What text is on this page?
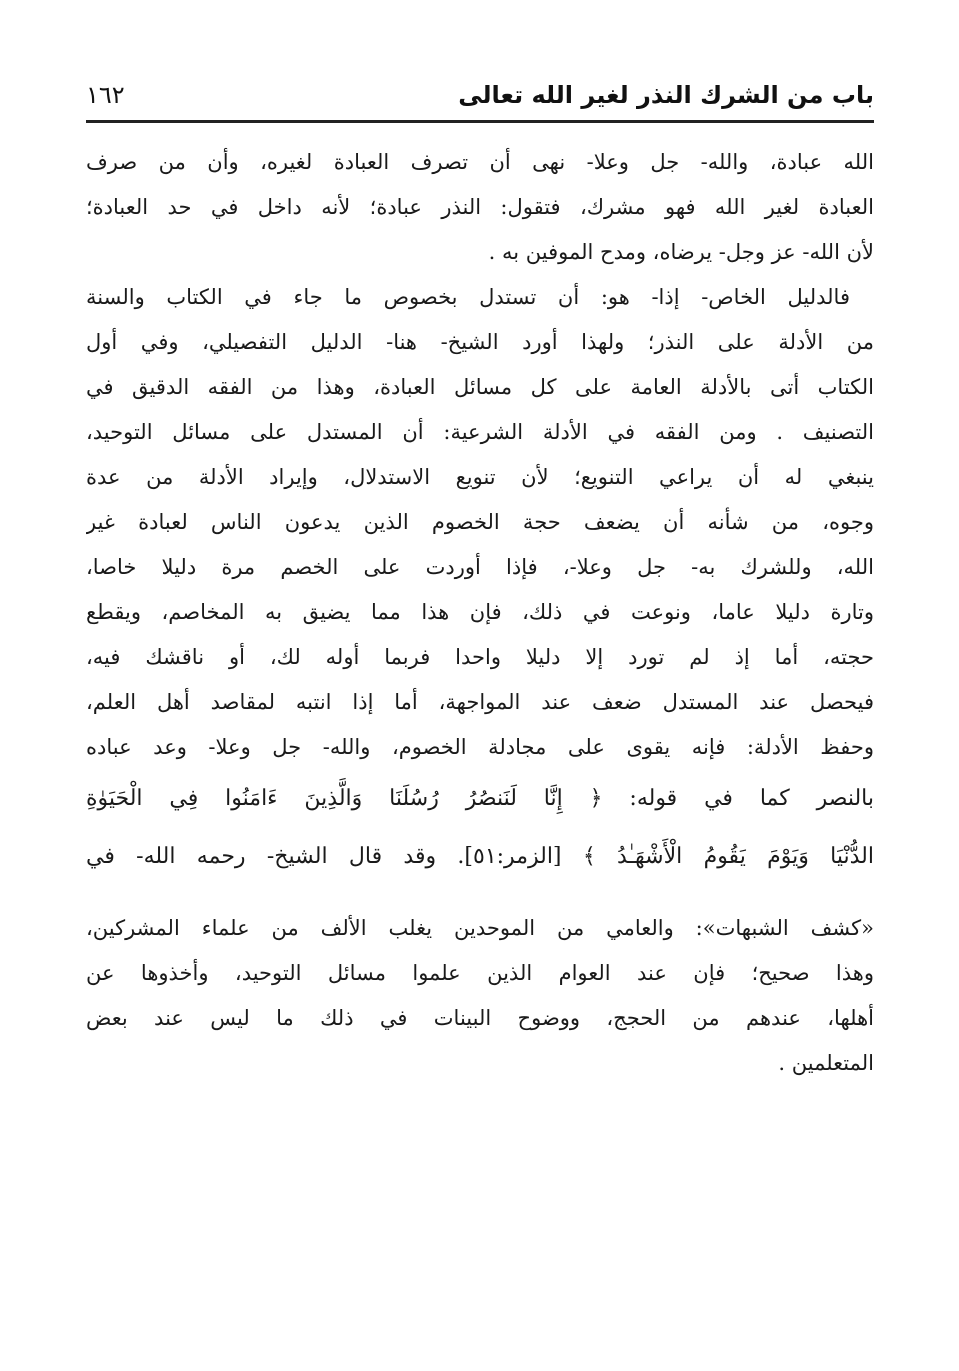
باب من الشرك النذر لغير الله تعالى
١٦٢
الله عبادة، والله- جل وعلا- نهى أن تصرف العبادة لغيره، وأن من صرف
العبادة لغير الله فهو مشرك، فتقول: النذر عبادة؛ لأنه داخل في حد العبادة؛
لأن الله- عز وجل- يرضاه، ومدح الموفين به .
فالدليل الخاص- إذا- هو: أن تستدل بخصوص ما جاء في الكتاب والسنة
من الأدلة على النذر؛ ولهذا أورد الشيخ- هنا- الدليل التفصيلي، وفي أول
الكتاب أتى بالأدلة العامة على كل مسائل العبادة، وهذا من الفقه الدقيق في
التصنيف . ومن الفقه في الأدلة الشرعية: أن المستدل على مسائل التوحيد،
ينبغي له أن يراعي التنويع؛ لأن تنويع الاستدلال، وإيراد الأدلة من عدة
وجوه، من شأنه أن يضعف حجة الخصوم الذين يدعون الناس لعبادة غير
الله، وللشرك به- جل وعلا-، فإذا أوردت على الخصم مرة دليلا خاصا،
وتارة دليلا عاما، ونوعت في ذلك، فإن هذا مما يضيق به المخاصم، ويقطع
حجته، أما إذ لم تورد إلا دليلا واحدا فربما أوله لك، أو ناقشك فيه،
فيحصل عند المستدل ضعف عند المواجهة، أما إذا انتبه لمقاصد أهل العلم،
وحفظ الأدلة: فإنه يقوى على مجادلة الخصوم، والله- جل وعلا- وعد عباده
بالنصر كما في قوله: ﴿ إِنَّا لَنَنصُرُ رُسُلَنَا وَالَّذِينَ ءَامَنُوا فِي الْحَيَوٰةِ
الدُّنْيَا وَيَوْمَ يَقُومُ الْأَشْهَـٰدُ ﴾ [الزمر:٥١]. وقد قال الشيخ- رحمه الله- في
«كشف الشبهات»: والعامي من الموحدين يغلب الألف من علماء المشركين،
وهذا صحيح؛ فإن عند العوام الذين علموا مسائل التوحيد، وأخذوها عن
أهلها، عندهم من الحجج، ووضوح البينات في ذلك ما ليس عند بعض
المتعلمين .
